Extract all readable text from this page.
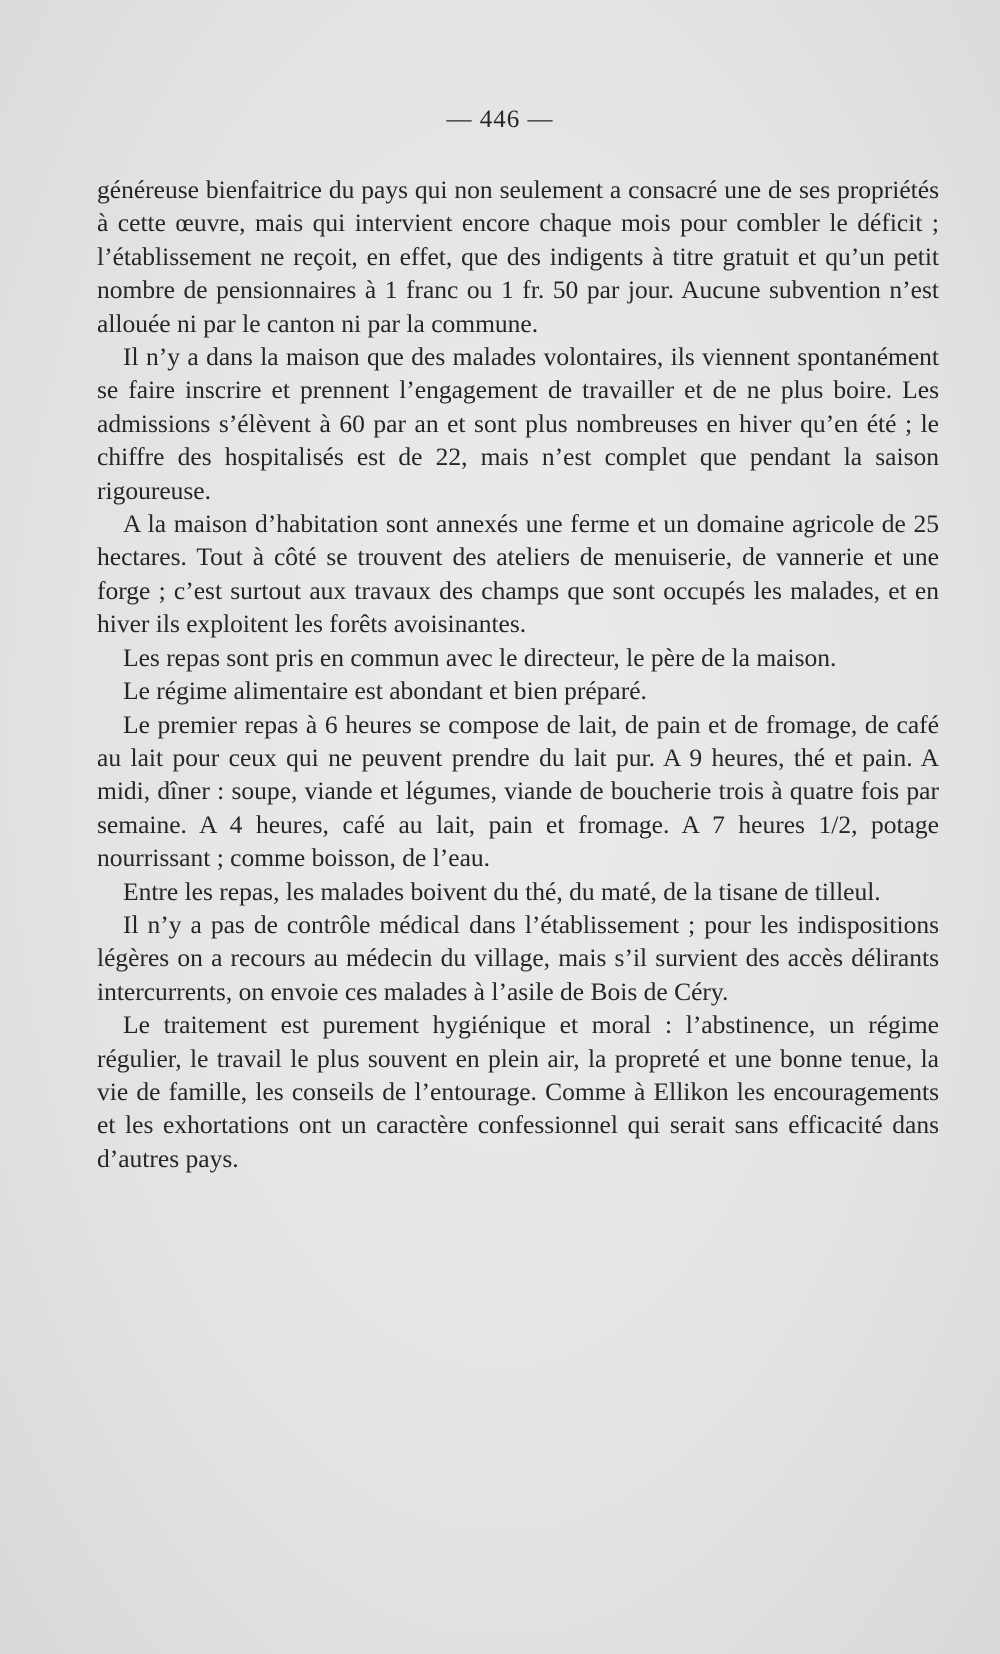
— 446 —

généreuse bienfaitrice du pays qui non seulement a consacré une de ses propriétés à cette œuvre, mais qui intervient encore chaque mois pour combler le déficit ; l’établissement ne reçoit, en effet, que des indigents à titre gratuit et qu’un petit nombre de pensionnaires à 1 franc ou 1 fr. 50 par jour. Aucune subvention n’est allouée ni par le canton ni par la commune.

Il n’y a dans la maison que des malades volontaires, ils viennent spontanément se faire inscrire et prennent l’engagement de travailler et de ne plus boire. Les admissions s’élèvent à 60 par an et sont plus nombreuses en hiver qu’en été ; le chiffre des hospitalisés est de 22, mais n’est complet que pendant la saison rigoureuse.

A la maison d’habitation sont annexés une ferme et un domaine agricole de 25 hectares. Tout à côté se trouvent des ateliers de menuiserie, de vannerie et une forge ; c’est surtout aux travaux des champs que sont occupés les malades, et en hiver ils exploitent les forêts avoisinantes.

Les repas sont pris en commun avec le directeur, le père de la maison.

Le régime alimentaire est abondant et bien préparé.

Le premier repas à 6 heures se compose de lait, de pain et de fromage, de café au lait pour ceux qui ne peuvent prendre du lait pur. A 9 heures, thé et pain. A midi, dîner : soupe, viande et légumes, viande de boucherie trois à quatre fois par semaine. A 4 heures, café au lait, pain et fromage. A 7 heures 1/2, potage nourrissant ; comme boisson, de l’eau.

Entre les repas, les malades boivent du thé, du maté, de la tisane de tilleul.

Il n’y a pas de contrôle médical dans l’établissement ; pour les indispositions légères on a recours au médecin du village, mais s’il survient des accès délirants intercurrents, on envoie ces malades à l’asile de Bois de Céry.

Le traitement est purement hygiénique et moral : l’abstinence, un régime régulier, le travail le plus souvent en plein air, la propreté et une bonne tenue, la vie de famille, les conseils de l’entourage. Comme à Ellikon les encouragements et les exhortations ont un caractère confessionnel qui serait sans efficacité dans d’autres pays.
